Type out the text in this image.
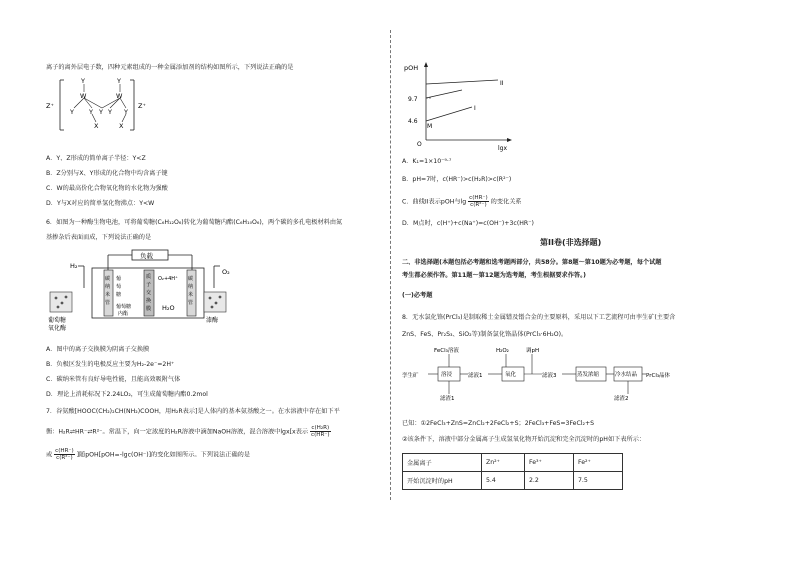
离子的离外层电子数，四种元素组成的一种金属添加剂的结构如图所示，下列说法正确的是
Z⁺	Z⁺
Y	Y
W	W
Y Y Y Y Y
X	X
A．Y、Z形成的简单离子半径：Y<Z
B．Z分别与X、Y形成的化合物中均含离子键
C．W的最高价化合物氧化物的水化物为强酸
D．Y与X对应的简单氢化物沸点：Y<W
6．如图为一种酶生物电池，可将葡萄糖(C₆H₁₂O₆)转化为葡萄糖内酯(C₆H₁₀O₆)，两个碳的多孔电极材料由氮
基掺杂后表面而成，下列说法正确的是
负载
H₂
O₂
葡萄糖
氧化酶
漆酶
碳
纳
米
管
葡
萄
糖
质
子
交
换
膜
碳
纳
米
管
葡萄糖
内酯
O₂+4H⁺
H₂O
A．图中的离子交换膜为阴离子交换膜
B．负极区发生的电极反应主要为H₂-2e⁻=2H⁺
C．碳纳米管有良好导电性能，且能高效吸附气体
D．理论上消耗标况下2.24LO₂，可生成葡萄糖内酯0.2mol
7．谷氨酸[HOOC(CH₂)₂CH(NH₂)COOH，用H₂R表示]是人体内的基本氨基酸之一。在水溶液中存在如下平
衡：H₂R⇌HR⁻⇌R²⁻。常温下，向一定浓度的H₂R溶液中滴加NaOH溶液，混合溶液中lgx[x表示 $\frac{\text{c(H₂R)}}{c(HR^-)}$
或 $\frac{c(HR^-)}{\text{c(R²⁻)}}$ ]随pOH[pOH=-lgc(OH⁻)]的变化如图所示。下列说法正确的是
pOH
9.7
4.6
M
II
I
O
lgx
A．K₁=1×10⁻⁹·⁷
B．pH=7时，c(HR⁻)>c(H₂R)>c(R²⁻)
C．曲线II表示pOH与$\lg \frac{c(HR^-)}{\text{c(R²⁻)}}$ 的变化关系
D．M点时，c(H⁺)+c(Na⁺)=c(OH⁻)+3c(HR⁻)
第II卷(非选择题)
二、非选择题(本题包括必考题和选考题两部分，共58分。第8题～第10题为必考题，每个试题
考生都必须作答。第11题～第12题为选考题，考生根据要求作答。)
(一)必考题
8．无水氯化铬(PrCl₃)是制取稀土金属镨及镨合金的主要原料，采用以下工艺流程可由孪生矿(主要含
ZnS、FeS、Pr₂S₃、SiO₂等)制备氯化铬晶体(PrCl₃·6H₂O)。
FeCl₃溶液	H₂O₂	调pH
孪生矿	滤液1	滤液3	PrCl₃晶体
滤渣1	滤渣2
溶浸	氧化	蒸发浓缩	冷水结晶
已知：①2FeCl₃+ZnS=ZnCl₂+2FeCl₂+S；2FeCl₃+FeS=3FeCl₂+S
②该条件下，溶液中部分金属离子生成氢氧化物开始沉淀和完全沉淀时的pH如下表所示：
金属离子	Zn²⁺	Fe³⁺	Fe²⁺
开始沉淀时的pH	5.4	2.2	7.5
